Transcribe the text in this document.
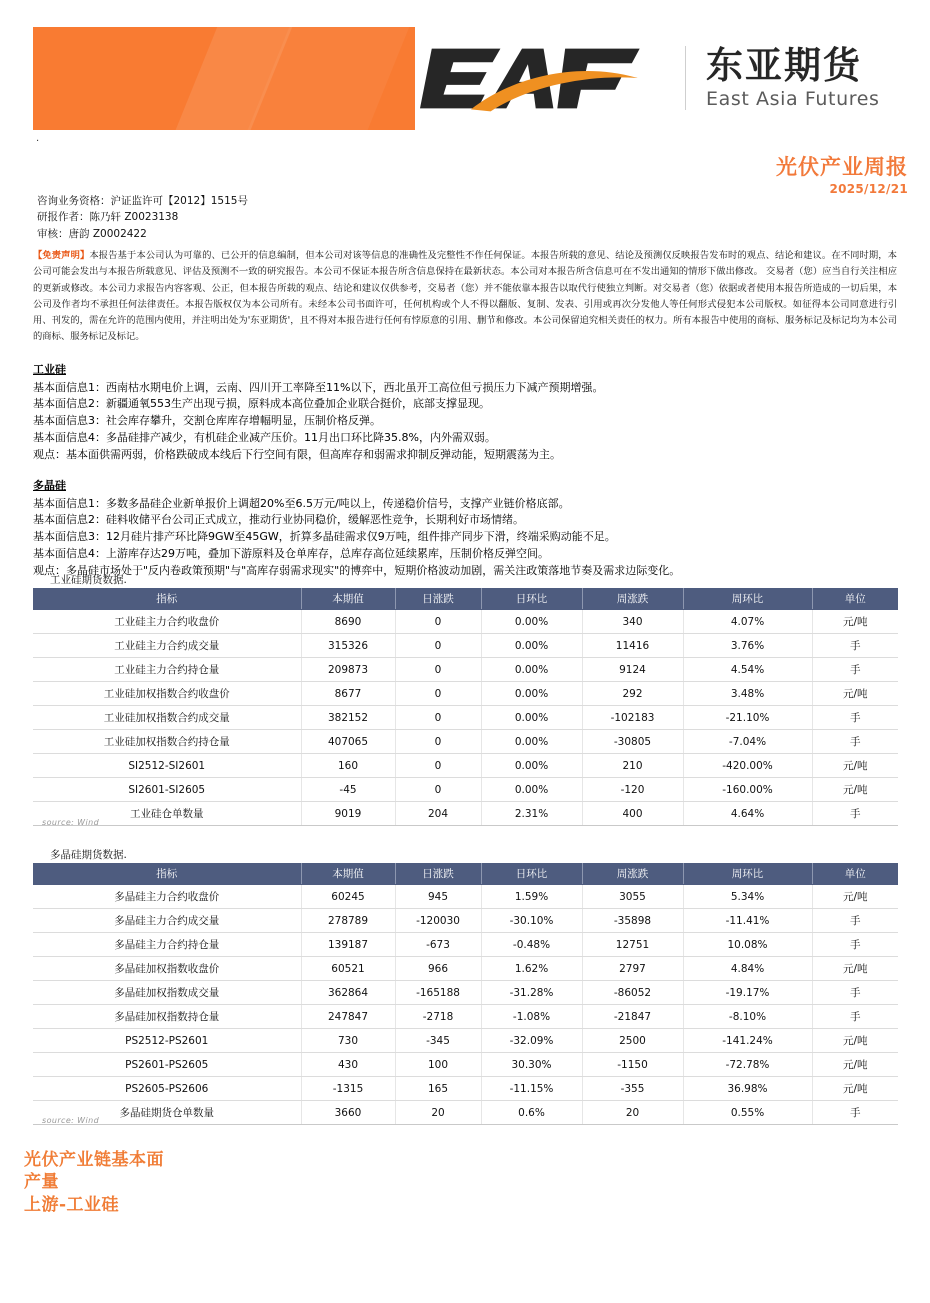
东亚期货
East Asia Futures
.
光伏产业周报
2025/12/21
咨询业务资格：沪证监许可【2012】1515号
研报作者：陈乃轩 Z0023138
审核：唐韵 Z0002422
【免责声明】本报告基于本公司认为可靠的、已公开的信息编制，但本公司对该等信息的准确性及完整性不作任何保证。本报告所载的意见、结论及预测仅反映报告发布时的观点、结论和建议。在不同时期，本公司可能会发出与本报告所载意见、评估及预测不一致的研究报告。本公司不保证本报告所含信息保持在最新状态。本公司对本报告所含信息可在不发出通知的情形下做出修改。 交易者（您）应当自行关注相应的更新或修改。本公司力求报告内容客观、公正，但本报告所载的观点、结论和建议仅供参考，交易者（您）并不能依靠本报告以取代行使独立判断。对交易者（您）依据或者使用本报告所造成的一切后果，本公司及作者均不承担任何法律责任。本报告版权仅为本公司所有。未经本公司书面许可，任何机构或个人不得以翻版、复制、发表、引用或再次分发他人等任何形式侵犯本公司版权。如征得本公司同意进行引用、刊发的，需在允许的范围内使用，并注明出处为'东亚期货'，且不得对本报告进行任何有悖原意的引用、删节和修改。本公司保留追究相关责任的权力。所有本报告中使用的商标、服务标记及标记均为本公司的商标、服务标记及标记。
工业硅
基本面信息1：西南枯水期电价上调，云南、四川开工率降至11%以下，西北虽开工高位但亏损压力下减产预期增强。
基本面信息2：新疆通氧553生产出现亏损，原料成本高位叠加企业联合挺价，底部支撑显现。
基本面信息3：社会库存攀升，交割仓库库存增幅明显，压制价格反弹。
基本面信息4：多晶硅排产减少，有机硅企业减产压价。11月出口环比降35.8%，内外需双弱。
观点：基本面供需两弱，价格跌破成本线后下行空间有限，但高库存和弱需求抑制反弹动能，短期震荡为主。
多晶硅
基本面信息1：多数多晶硅企业新单报价上调超20%至6.5万元/吨以上，传递稳价信号，支撑产业链价格底部。
基本面信息2：硅料收储平台公司正式成立，推动行业协同稳价，缓解恶性竞争，长期利好市场情绪。
基本面信息3：12月硅片排产环比降9GW至45GW，折算多晶硅需求仅9万吨，组件排产同步下滑，终端采购动能不足。
基本面信息4：上游库存达29万吨，叠加下游原料及仓单库存，总库存高位延续累库，压制价格反弹空间。
观点：多晶硅市场处于"反内卷政策预期"与"高库存弱需求现实"的博弈中，短期价格波动加剧，需关注政策落地节奏及需求边际变化。
工业硅期货数据.
指标	本期值	日涨跌	日环比	周涨跌	周环比	单位
工业硅主力合约收盘价	8690	0	0.00%	340	4.07%	元/吨
工业硅主力合约成交量	315326	0	0.00%	11416	3.76%	手
工业硅主力合约持仓量	209873	0	0.00%	9124	4.54%	手
工业硅加权指数合约收盘价	8677	0	0.00%	292	3.48%	元/吨
工业硅加权指数合约成交量	382152	0	0.00%	-102183	-21.10%	手
工业硅加权指数合约持仓量	407065	0	0.00%	-30805	-7.04%	手
SI2512-SI2601	160	0	0.00%	210	-420.00%	元/吨
SI2601-SI2605	-45	0	0.00%	-120	-160.00%	元/吨
工业硅仓单数量	9019	204	2.31%	400	4.64%	手
source: Wind
多晶硅期货数据.
指标	本期值	日涨跌	日环比	周涨跌	周环比	单位
多晶硅主力合约收盘价	60245	945	1.59%	3055	5.34%	元/吨
多晶硅主力合约成交量	278789	-120030	-30.10%	-35898	-11.41%	手
多晶硅主力合约持仓量	139187	-673	-0.48%	12751	10.08%	手
多晶硅加权指数收盘价	60521	966	1.62%	2797	4.84%	元/吨
多晶硅加权指数成交量	362864	-165188	-31.28%	-86052	-19.17%	手
多晶硅加权指数持仓量	247847	-2718	-1.08%	-21847	-8.10%	手
PS2512-PS2601	730	-345	-32.09%	2500	-141.24%	元/吨
PS2601-PS2605	430	100	30.30%	-1150	-72.78%	元/吨
PS2605-PS2606	-1315	165	-11.15%	-355	36.98%	元/吨
多晶硅期货仓单数量	3660	20	0.6%	20	0.55%	手
source: Wind
光伏产业链基本面
产量
上游-工业硅
